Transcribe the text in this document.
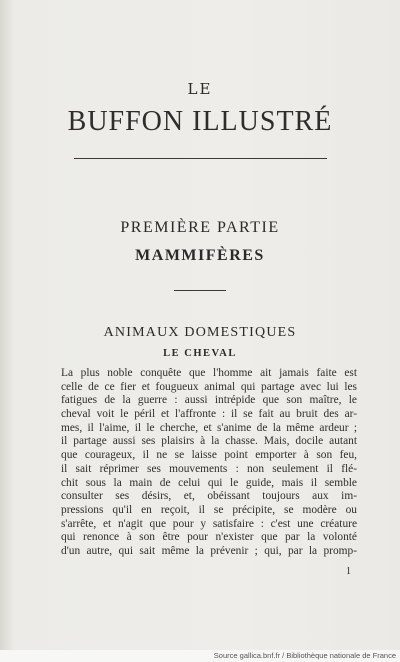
LE
BUFFON ILLUSTRÉ
PREMIÈRE PARTIE
MAMMIFÈRES
ANIMAUX DOMESTIQUES
LE CHEVAL
La plus noble conquête que l'homme ait jamais faite est
celle de ce fier et fougueux animal qui partage avec lui les
fatigues de la guerre : aussi intrépide que son maître, le
cheval voit le péril et l'affronte : il se fait au bruit des ar-
mes, il l'aime, il le cherche, et s'anime de la même ardeur ;
il partage aussi ses plaisirs à la chasse. Mais, docile autant
que courageux, il ne se laisse point emporter à son feu,
il sait réprimer ses mouvements : non seulement il flé-
chit sous la main de celui qui le guide, mais il semble
consulter ses désirs, et, obéissant toujours aux im-
pressions qu'il en reçoit, il se précipite, se modère ou
s'arrête, et n'agit que pour y satisfaire : c'est une créature
qui renonce à son être pour n'exister que par la volonté
d'un autre, qui sait même la prévenir ; qui, par la promp-
1
Source gallica.bnf.fr / Bibliothèque nationale de France
